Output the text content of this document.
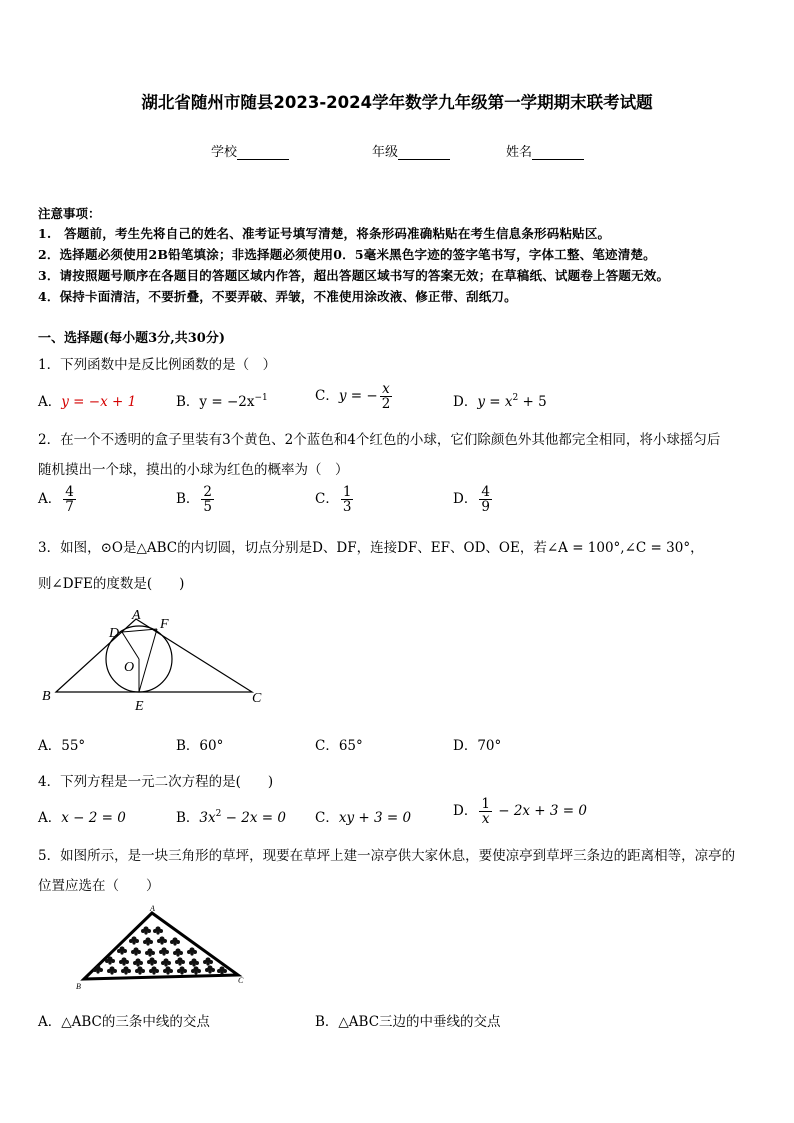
湖北省随州市随县2023-2024学年数学九年级第一学期期末联考试题
学校	年级	姓名
注意事项：
1.　答题前，考生先将自己的姓名、准考证号填写清楚，将条形码准确粘贴在考生信息条形码粘贴区。
2．选择题必须使用2B铅笔填涂；非选择题必须使用0．5毫米黑色字迹的签字笔书写，字体工整、笔迹清楚。
3．请按照题号顺序在各题目的答题区域内作答，超出答题区域书写的答案无效；在草稿纸、试题卷上答题无效。
4．保持卡面清洁，不要折叠，不要弄破、弄皱，不准使用涂改液、修正带、刮纸刀。
一、选择题(每小题3分,共30分)
1．下列函数中是反比例函数的是（　）
A．y = −x + 1	B．$y = -2x^{-1}$	C．y = − $\frac{x}{2}$	D．$y = x^2 + 5$
2．在一个不透明的盒子里装有3个黄色、2个蓝色和4个红色的小球，它们除颜色外其他都完全相同，将小球摇匀后
随机摸出一个球，摸出的小球为红色的概率为（　）
A． $\frac{4}{7}$	B． $\frac{2}{5}$	C． $\frac{1}{3}$	D． $\frac{4}{9}$
3．如图，⊙O是△ABC的内切圆，切点分别是D、DF，连接DF、EF、OD、OE，若∠A = 100°,∠C = 30°，
则∠DFE的度数是(　　)
A
B	C
D
E
F
O
A．55°	B．60°	C．65°	D．70°
4．下列方程是一元二次方程的是(　　)
A．x − 2 = 0	B．$3x^2 - 2x = 0$ C．xy + 3 = 0	D． $\frac{1}{x} - 2x + 3 = 0$
5．如图所示，是一块三角形的草坪，现要在草坪上建一凉亭供大家休息，要使凉亭到草坪三条边的距离相等，凉亭的
位置应选在（　　）
A
B
C
A．△ABC的三条中线的交点	B．△ABC三边的中垂线的交点
